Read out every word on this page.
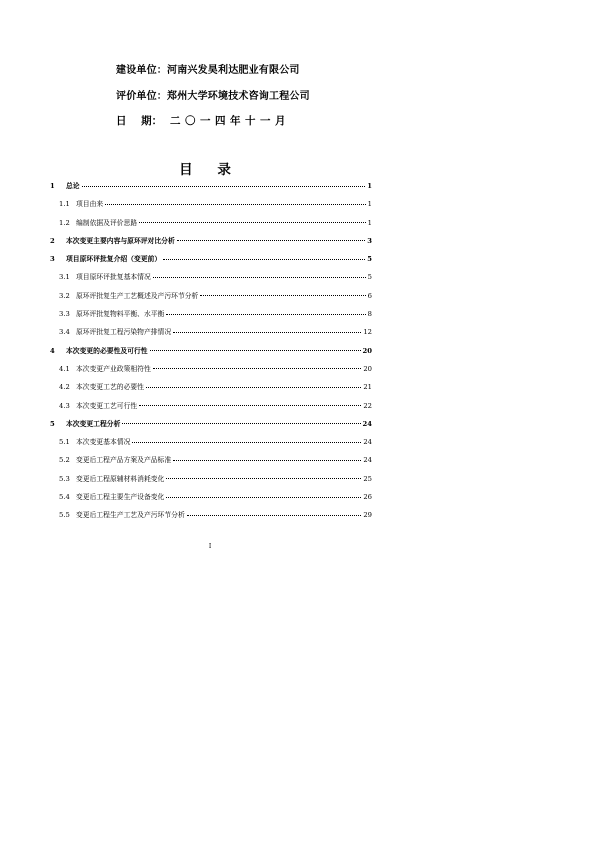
建设单位：河南兴发昊利达肥业有限公司
评价单位：郑州大学环境技术咨询工程公司
日    期： 二〇一四年十一月
目 录
1	总论	1
1.1 项目由来	1
1.2 编制依据及评价思路	1
2	本次变更主要内容与原环评对比分析	3
3	项目原环评批复介绍（变更前）	5
3.1 项目原环评批复基本情况	5
3.2 原环评批复生产工艺概述及产污环节分析	6
3.3 原环评批复物料平衡、水平衡	8
3.4 原环评批复工程污染物产排情况	12
4	本次变更的必要性及可行性	20
4.1 本次变更产业政策相符性	20
4.2 本次变更工艺的必要性	21
4.3 本次变更工艺可行性	22
5	本次变更工程分析	24
5.1 本次变更基本情况	24
5.2 变更后工程产品方案及产品标准	24
5.3 变更后工程原辅材料消耗变化	25
5.4 变更后工程主要生产设备变化	26
5.5 变更后工程生产工艺及产污环节分析	29
I
